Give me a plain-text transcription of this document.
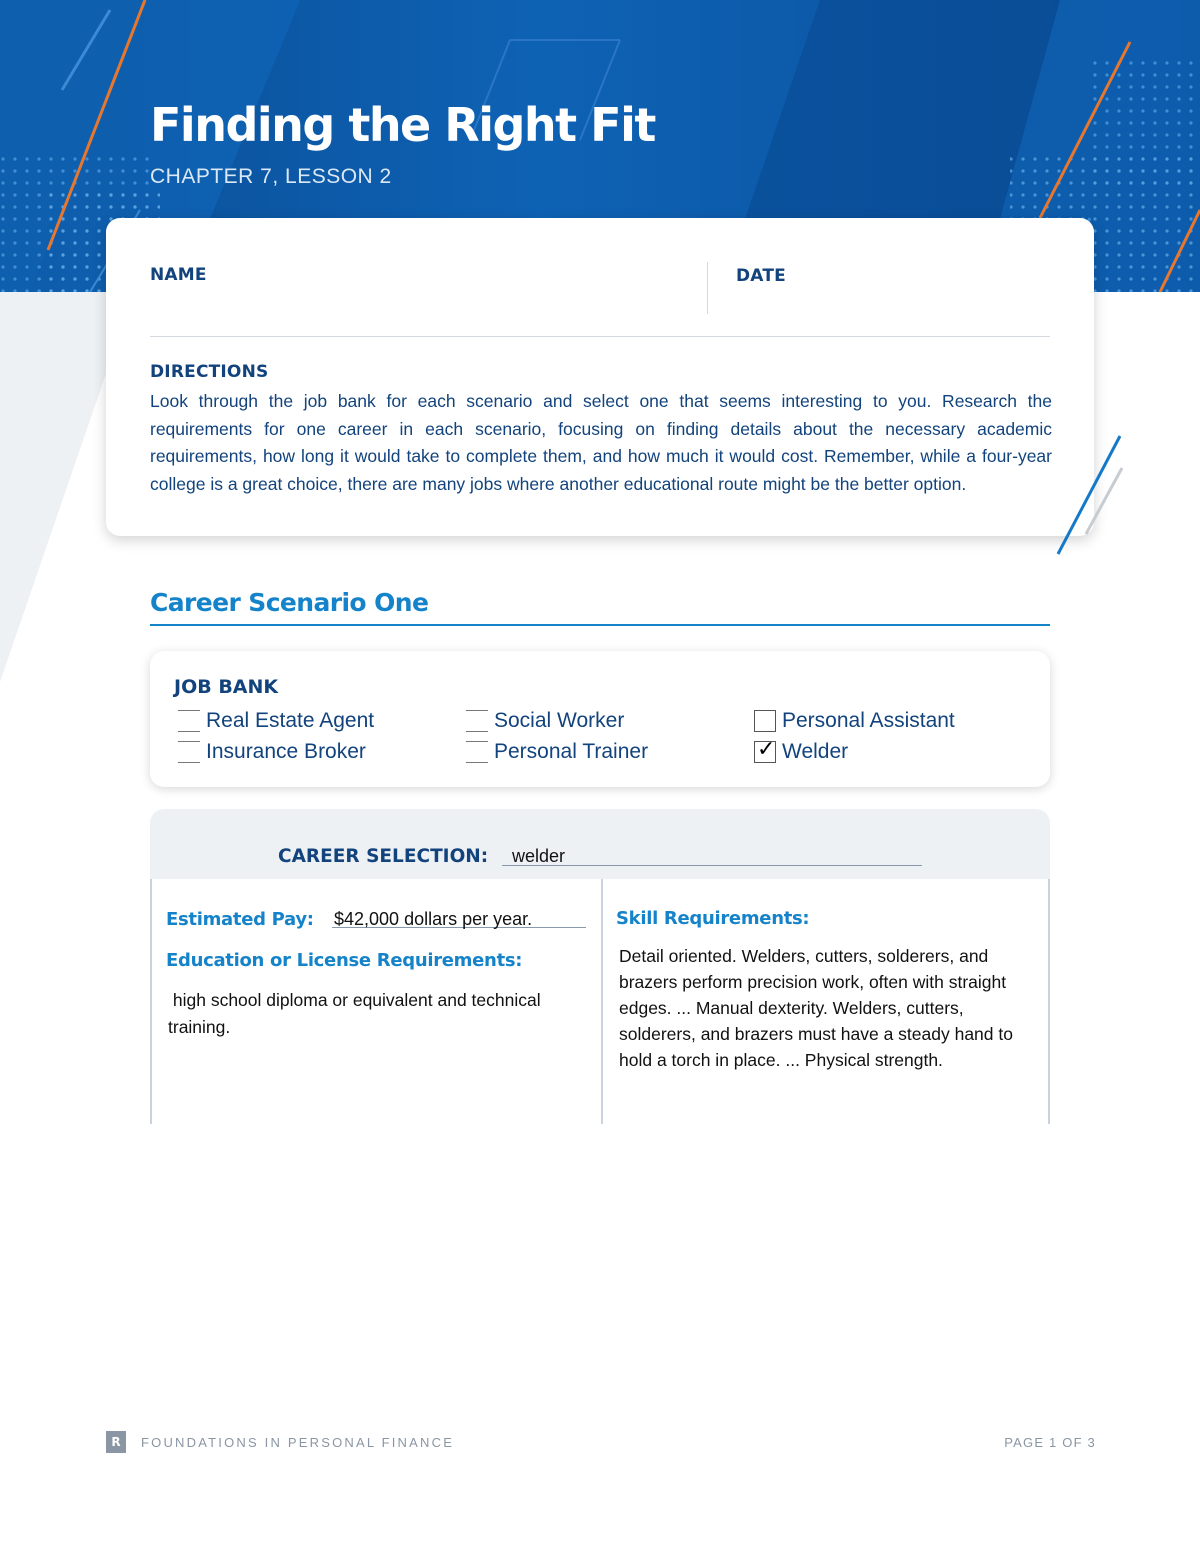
Finding the Right Fit
CHAPTER 7, LESSON 2
NAME	DATE
DIRECTIONS
Look through the job bank for each scenario and select one that seems interesting to you. Research the requirements for one career in each scenario, focusing on finding details about the necessary academic requirements, how long it would take to complete them, and how much it would cost. Remember, while a four-year college is a great choice, there are many jobs where another educational route might be the better option.
Career Scenario One
JOB BANK
Real Estate Agent	Social Worker	Personal Assistant
Insurance Broker	Personal Trainer	✓ Welder
CAREER SELECTION: welder
Estimated Pay: $42,000 dollars per year.
Education or License Requirements:
high school diploma or equivalent and technical training.
Skill Requirements:
Detail oriented. Welders, cutters, solderers, and brazers perform precision work, often with straight edges. ... Manual dexterity. Welders, cutters, solderers, and brazers must have a steady hand to hold a torch in place. ... Physical strength.
R	FOUNDATIONS IN PERSONAL FINANCE	PAGE 1 OF 3
